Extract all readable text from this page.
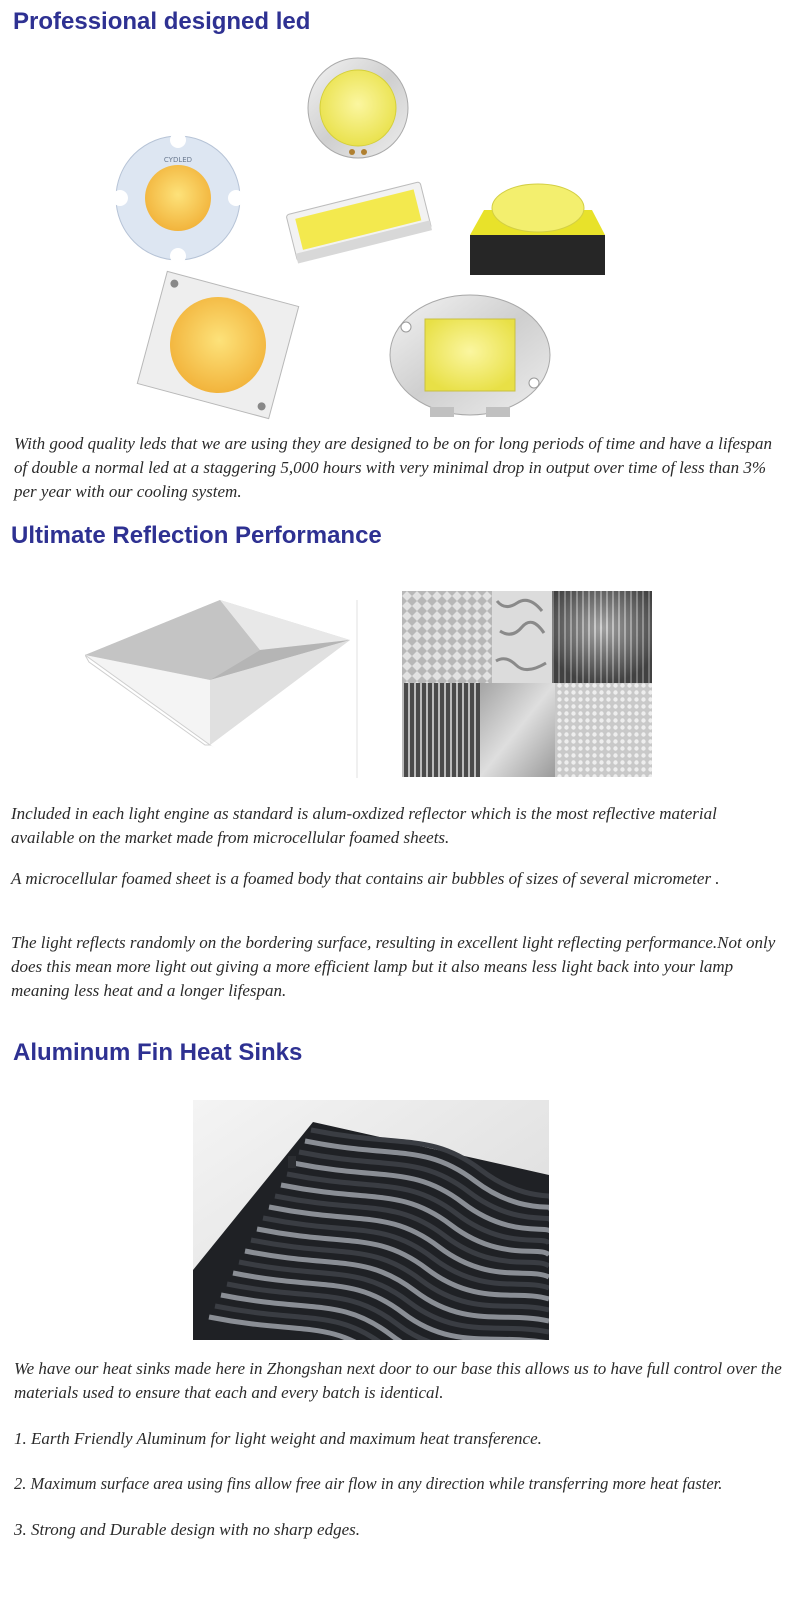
Professional designed led
CYDLED

With good quality leds that we are using they are designed to be on for long periods of time and have a lifespan of double a normal led at a staggering 5,000 hours with very minimal drop in output over time of less than 3% per year with our cooling system.

Ultimate Reflection Performance

Included in each light engine as standard is alum-oxdized reflector which is the most reflective material available on the market made from microcellular foamed sheets.

A microcellular foamed sheet is a foamed body that contains air bubbles of sizes of several micrometer .

The light reflects randomly on the bordering surface, resulting in excellent light reflecting performance.Not only does this mean more light out giving a more efficient lamp but it also means less light back into your lamp meaning less heat and a longer lifespan.

Aluminum Fin Heat Sinks

We have our heat sinks made here in Zhongshan next door to our base this allows us to have full control over the materials used to ensure that each and every batch is identical.

1. Earth Friendly Aluminum for light weight and maximum heat transference.

2. Maximum surface area using fins allow free air flow in any direction while transferring more heat faster.

3. Strong and Durable design with no sharp edges.
